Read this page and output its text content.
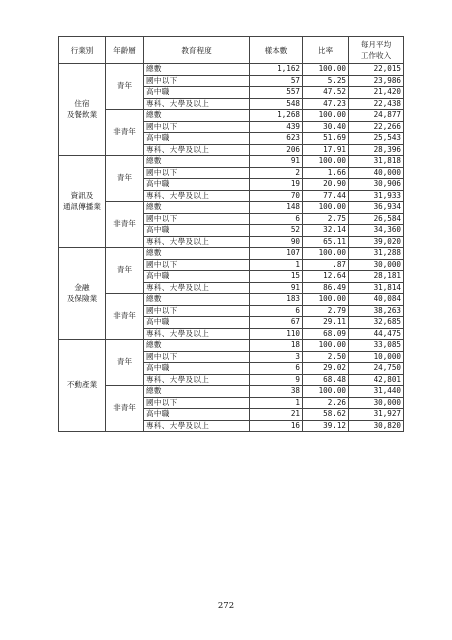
行業別	年齡層	教育程度	樣本數	比率	每月平均
工作收入
住宿
及餐飲業	青年	總數	1,162	100.00	22,015
		國中以下	57	5.25	23,986
		高中職	557	47.52	21,420
		專科、大學及以上	548	47.23	22,438
	非青年	總數	1,268	100.00	24,877
		國中以下	439	30.40	22,266
		高中職	623	51.69	25,543
		專科、大學及以上	206	17.91	28,396
資訊及
通訊傳播業	青年	總數	91	100.00	31,818
		國中以下	2	1.66	40,000
		高中職	19	20.90	30,906
		專科、大學及以上	70	77.44	31,933
	非青年	總數	148	100.00	36,934
		國中以下	6	2.75	26,584
		高中職	52	32.14	34,360
		專科、大學及以上	90	65.11	39,020
金融
及保險業	青年	總數	107	100.00	31,288
		國中以下	1	.87	30,000
		高中職	15	12.64	28,181
		專科、大學及以上	91	86.49	31,814
	非青年	總數	183	100.00	40,084
		國中以下	6	2.79	38,263
		高中職	67	29.11	32,685
		專科、大學及以上	110	68.09	44,475
不動產業	青年	總數	18	100.00	33,085
		國中以下	3	2.50	10,000
		高中職	6	29.02	24,750
		專科、大學及以上	9	68.48	42,801
	非青年	總數	38	100.00	31,440
		國中以下	1	2.26	30,000
		高中職	21	58.62	31,927
		專科、大學及以上	16	39.12	30,820
272
